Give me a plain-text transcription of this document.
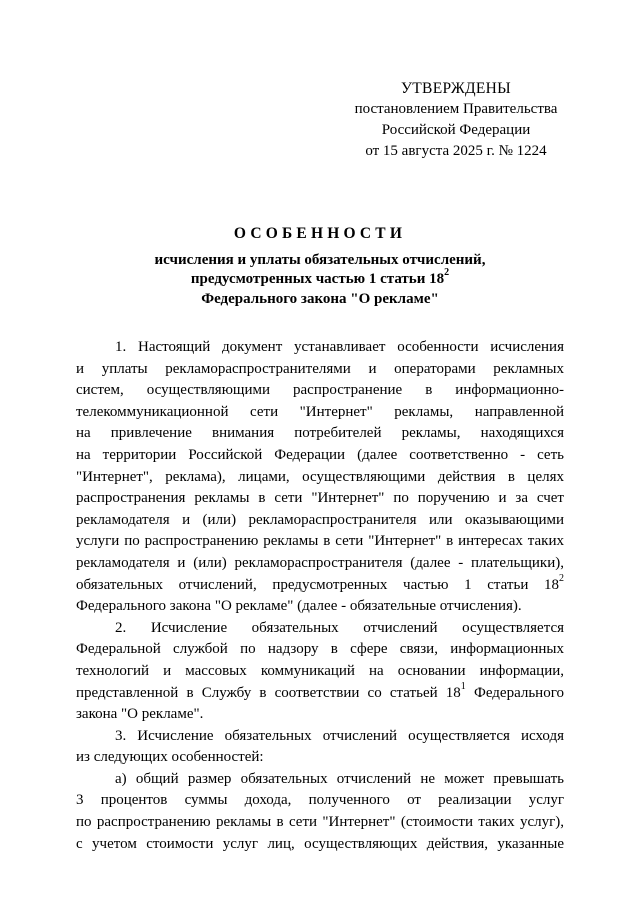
УТВЕРЖДЕНЫ
постановлением Правительства
Российской Федерации
от 15 августа 2025 г. № 1224
ОСОБЕННОСТИ
исчисления и уплаты обязательных отчислений,
предусмотренных частью 1 статьи $18^2$
Федерального закона "О рекламе"
1. Настоящий документ устанавливает особенности исчисления
и уплаты рекламораспространителями и операторами рекламных
систем, осуществляющими распространение в информационно-
телекоммуникационной сети "Интернет" рекламы, направленной
на привлечение внимания потребителей рекламы, находящихся
на территории Российской Федерации (далее соответственно - сеть
"Интернет", реклама), лицами, осуществляющими действия в целях
распространения рекламы в сети "Интернет" по поручению и за счет
рекламодателя и (или) рекламораспространителя или оказывающими
услуги по распространению рекламы в сети "Интернет" в интересах таких
рекламодателя и (или) рекламораспространителя (далее - плательщики),
обязательных отчислений, предусмотренных частью 1 статьи $18^2$
Федерального закона "О рекламе" (далее - обязательные отчисления).
2. Исчисление обязательных отчислений осуществляется
Федеральной службой по надзору в сфере связи, информационных
технологий и массовых коммуникаций на основании информации,
представленной в Службу в соответствии со статьей $18^1$ Федерального
закона "О рекламе".
3. Исчисление обязательных отчислений осуществляется исходя
из следующих особенностей:
а) общий размер обязательных отчислений не может превышать
3 процентов суммы дохода, полученного от реализации услуг
по распространению рекламы в сети "Интернет" (стоимости таких услуг),
с учетом стоимости услуг лиц, осуществляющих действия, указанные
